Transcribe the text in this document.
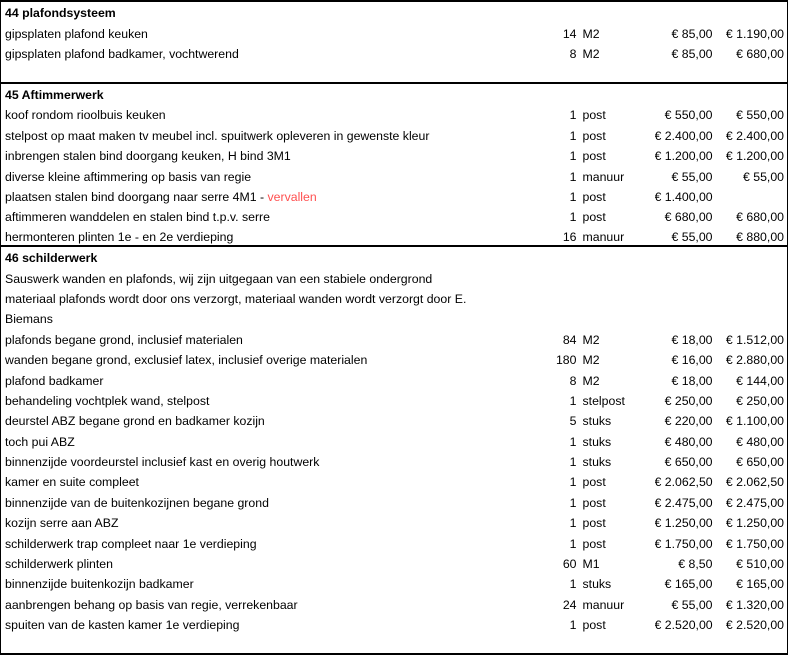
44 plafondsysteem				
gipsplaten plafond keuken	14	M2	€ 85,00	€ 1.190,00
gipsplaten plafond badkamer, vochtwerend	8	M2	€ 85,00	€ 680,00

45 Aftimmerwerk				
koof rondom rioolbuis keuken	1	post	€ 550,00	€ 550,00
stelpost op maat maken tv meubel incl. spuitwerk opleveren in gewenste kleur	1	post	€ 2.400,00	€ 2.400,00
inbrengen stalen bind doorgang keuken, H bind 3M1	1	post	€ 1.200,00	€ 1.200,00
diverse kleine aftimmering op basis van regie	1	manuur	€ 55,00	€ 55,00
plaatsen stalen bind doorgang naar serre 4M1 - vervallen	1	post	€ 1.400,00	
aftimmeren wanddelen en stalen bind t.p.v. serre	1	post	€ 680,00	€ 680,00
hermonteren plinten 1e - en 2e verdieping	16	manuur	€ 55,00	€ 880,00
46 schilderwerk				
Sauswerk wanden en plafonds, wij zijn uitgegaan van een stabiele ondergrond				
materiaal plafonds wordt door ons verzorgt, materiaal wanden wordt verzorgt door E.				
Biemans				
plafonds begane grond, inclusief materialen	84	M2	€ 18,00	€ 1.512,00
wanden begane grond, exclusief latex, inclusief overige materialen	180	M2	€ 16,00	€ 2.880,00
plafond badkamer	8	M2	€ 18,00	€ 144,00
behandeling vochtplek wand, stelpost	1	stelpost	€ 250,00	€ 250,00
deurstel ABZ begane grond en badkamer kozijn	5	stuks	€ 220,00	€ 1.100,00
toch pui ABZ	1	stuks	€ 480,00	€ 480,00
binnenzijde voordeurstel inclusief kast en overig houtwerk	1	stuks	€ 650,00	€ 650,00
kamer en suite compleet	1	post	€ 2.062,50	€ 2.062,50
binnenzijde van de buitenkozijnen begane grond	1	post	€ 2.475,00	€ 2.475,00
kozijn serre aan ABZ	1	post	€ 1.250,00	€ 1.250,00
schilderwerk trap compleet naar 1e verdieping	1	post	€ 1.750,00	€ 1.750,00
schilderwerk plinten	60	M1	€ 8,50	€ 510,00
binnenzijde buitenkozijn badkamer	1	stuks	€ 165,00	€ 165,00
aanbrengen behang op basis van regie, verrekenbaar	24	manuur	€ 55,00	€ 1.320,00
spuiten van de kasten kamer 1e verdieping	1	post	€ 2.520,00	€ 2.520,00
